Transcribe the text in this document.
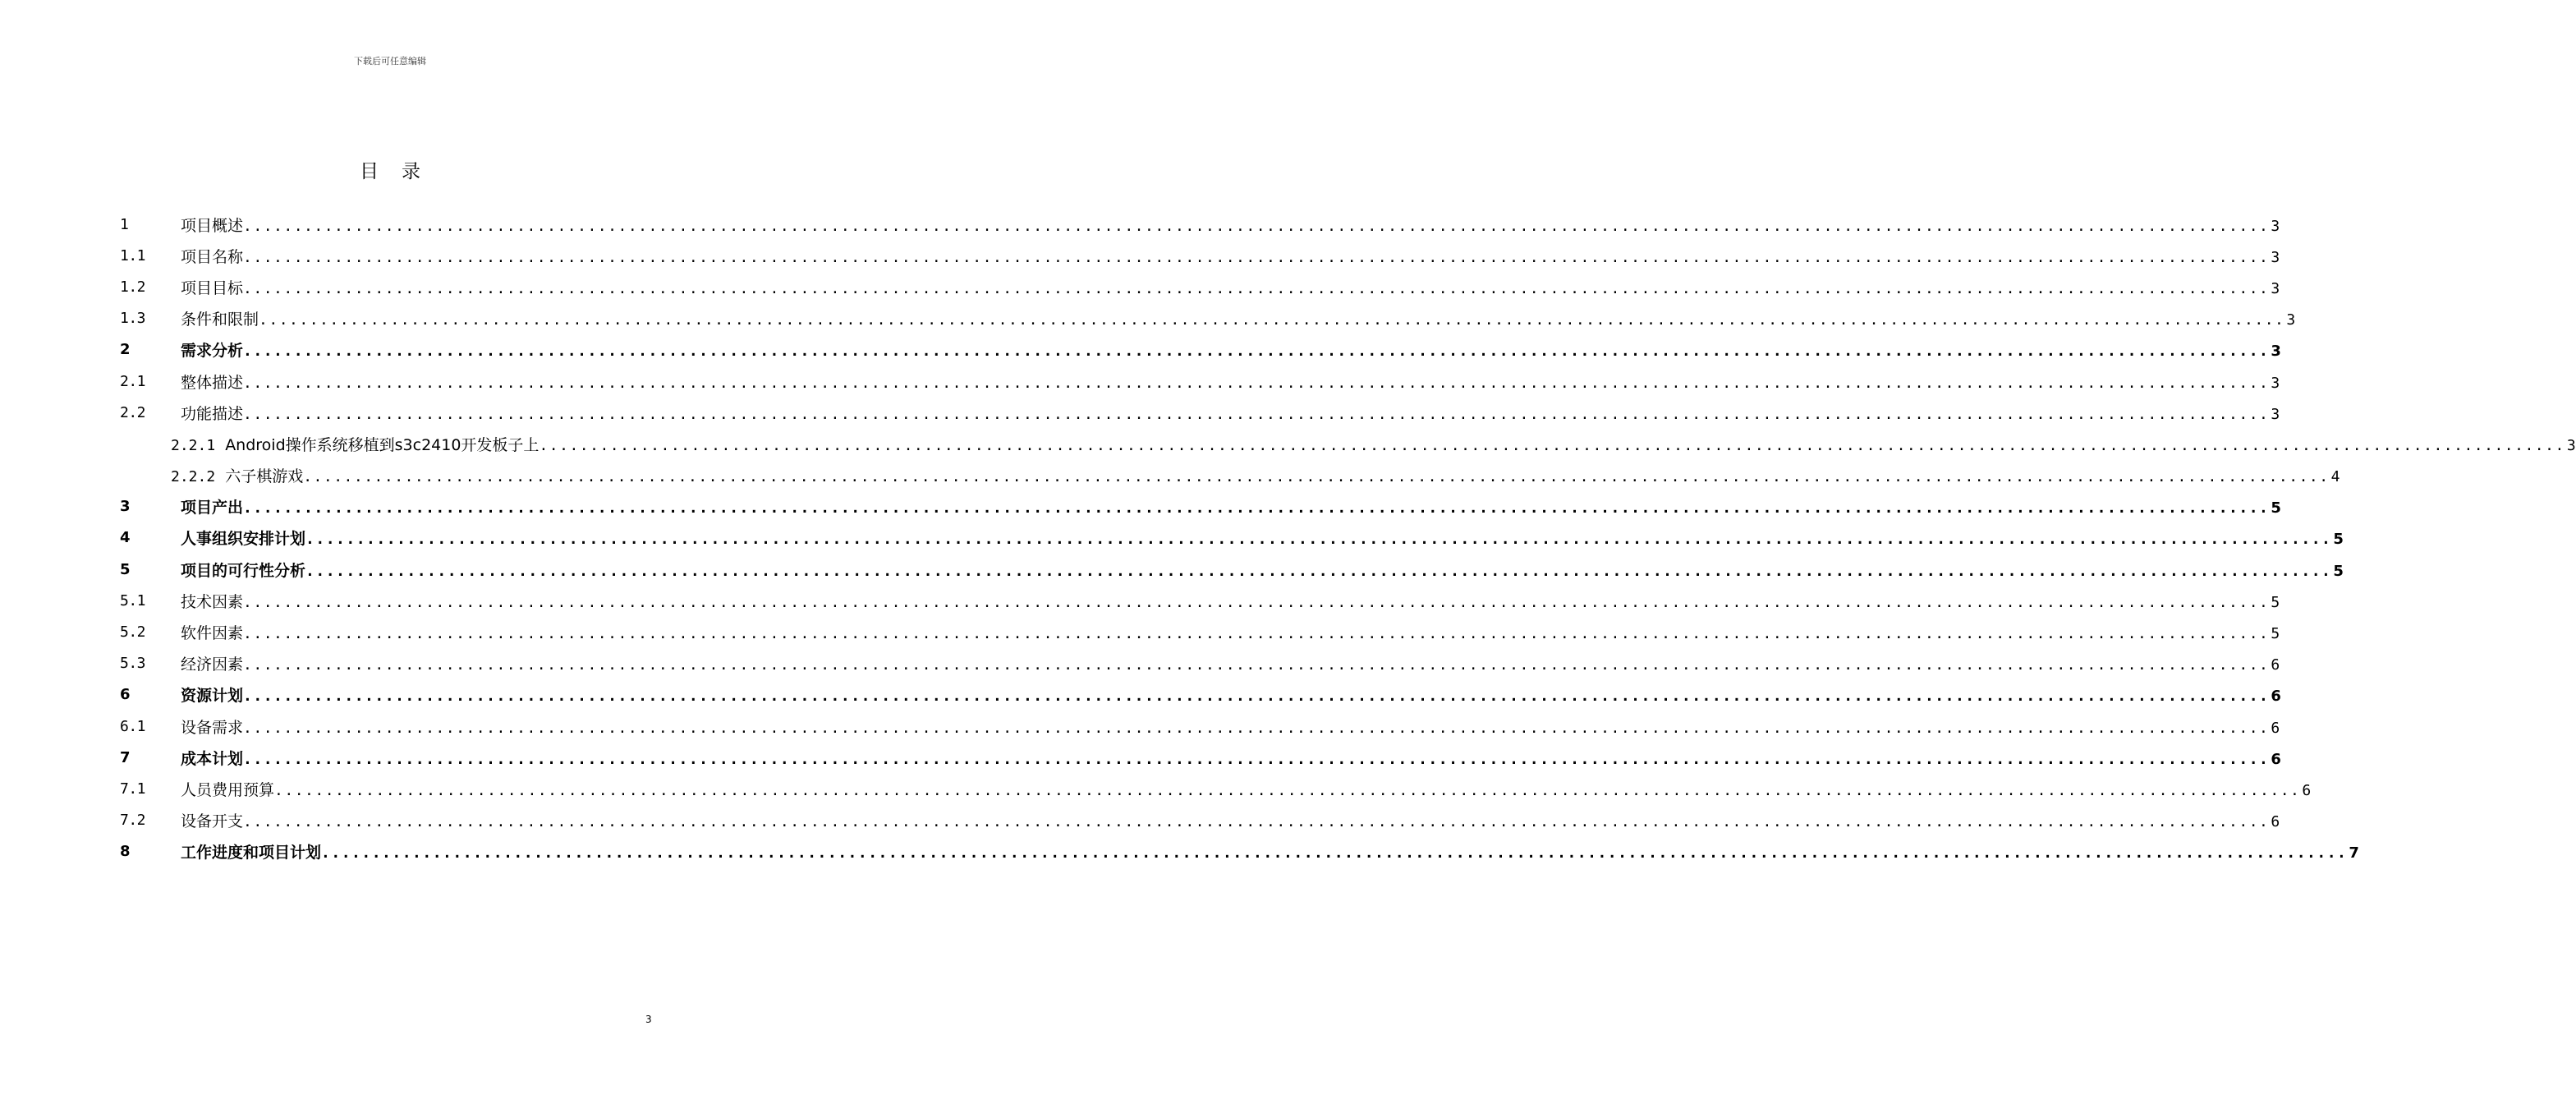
下载后可任意编辑
目录
1	项目概述 ........................................................................................................................................................................................................ 3
1.1	项目名称 ........................................................................................................................................................................................................ 3
1.2	项目目标 ........................................................................................................................................................................................................ 3
1.3	条件和限制 ........................................................................................................................................................................................................ 3
2	需求分析 ........................................................................................................................................................................................................ 3
2.1	整体描述 ........................................................................................................................................................................................................ 3
2.2	功能描述 ........................................................................................................................................................................................................ 3
2.2.1 Android操作系统移植到s3c2410开发板子上 ........................................................................................................................................................................................................ 3
2.2.2 六子棋游戏 ........................................................................................................................................................................................................ 4
3	项目产出 ........................................................................................................................................................................................................ 5
4	人事组织安排计划 ........................................................................................................................................................................................................ 5
5	项目的可行性分析 ........................................................................................................................................................................................................ 5
5.1	技术因素 ........................................................................................................................................................................................................ 5
5.2	软件因素 ........................................................................................................................................................................................................ 5
5.3	经济因素 ........................................................................................................................................................................................................ 6
6	资源计划 ........................................................................................................................................................................................................ 6
6.1	设备需求 ........................................................................................................................................................................................................ 6
7	成本计划 ........................................................................................................................................................................................................ 6
7.1	人员费用预算 ........................................................................................................................................................................................................ 6
7.2	设备开支 ........................................................................................................................................................................................................ 6
8	工作进度和项目计划 ........................................................................................................................................................................................................ 7
3
